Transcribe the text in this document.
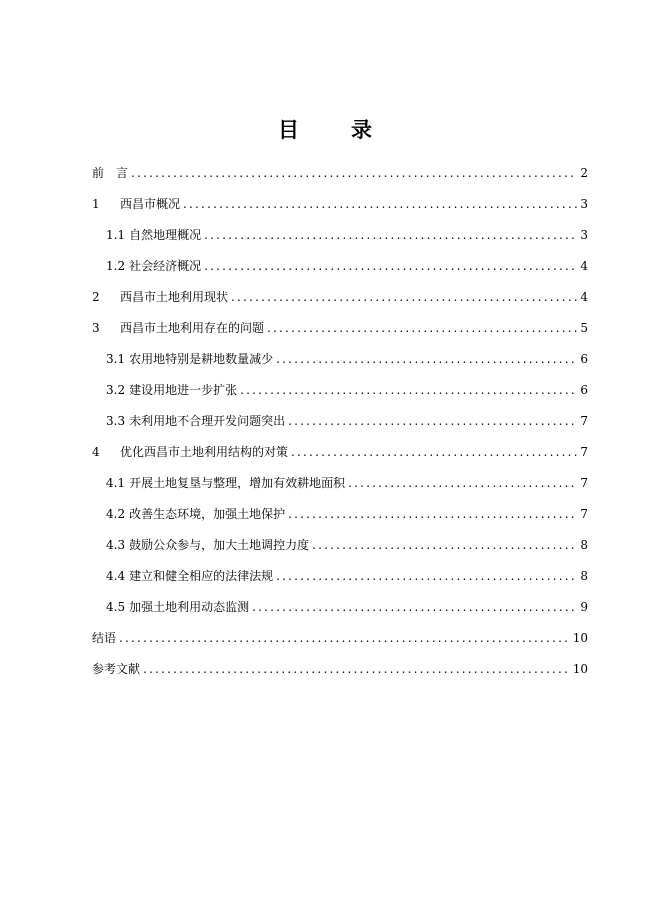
目 录
前　言 .....	2
1	西昌市概况 .....	3
1.1 自然地理概况 .....	3
1.2 社会经济概况 .....	4
2	西昌市土地利用现状 .....	4
3	西昌市土地利用存在的问题 .....	5
3.1 农用地特别是耕地数量减少 .....	6
3.2 建设用地进一步扩张 .....	6
3.3 未利用地不合理开发问题突出 .....	7
4	优化西昌市土地利用结构的对策 .....	7
4.1 开展土地复垦与整理，增加有效耕地面积 .....	7
4.2 改善生态环境，加强土地保护 .....	7
4.3 鼓励公众参与，加大土地调控力度 .....	8
4.4 建立和健全相应的法律法规 .....	8
4.5 加强土地利用动态监测 .....	9
结语 .....	10
参考文献 .....	10
